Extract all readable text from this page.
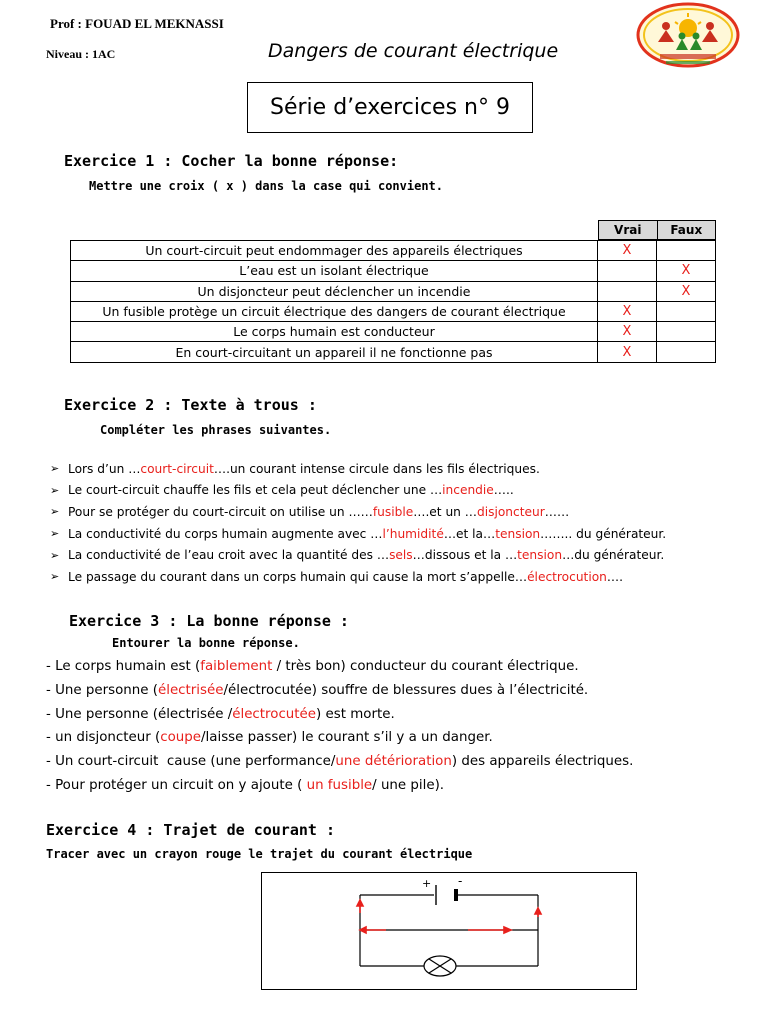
Prof : FOUAD EL MEKNASSI
Niveau : 1AC	Dangers de courant électrique
Série d’exercices n° 9
Exercice 1 : Cocher la bonne réponse:
Mettre une croix ( x ) dans la case qui convient.
Vrai	Faux
Un court-circuit peut endommager des appareils électriques	X	
L’eau est un isolant électrique		X
Un disjoncteur peut déclencher un incendie		X
Un fusible protège un circuit électrique des dangers de courant électrique	X	
Le corps humain est conducteur	X	
En court-circuitant un appareil il ne fonctionne pas	X	
Exercice 2 : Texte à trous :
Compléter les phrases suivantes.
➢ Lors d’un …court-circuit….un courant intense circule dans les fils électriques.
➢ Le court-circuit chauffe les fils et cela peut déclencher une …incendie…..
➢ Pour se protéger du court-circuit on utilise un ……fusible….et un …disjoncteur……
➢ La conductivité du corps humain augmente avec …l’humidité…et la…tension…….. du générateur.
➢ La conductivité de l’eau croit avec la quantité des …sels…dissous et la …tension…du générateur.
➢ Le passage du courant dans un corps humain qui cause la mort s’appelle…électrocution….
Exercice 3 : La bonne réponse :
Entourer la bonne réponse.
- Le corps humain est (faiblement / très bon) conducteur du courant électrique.
- Une personne (électrisée/électrocutée) souffre de blessures dues à l’électricité.
- Une personne (électrisée /électrocutée) est morte.
- un disjoncteur (coupe/laisse passer) le courant s’il y a un danger.
- Un court-circuit  cause (une performance/une détérioration) des appareils électriques.
- Pour protéger un circuit on y ajoute ( un fusible/ une pile).
Exercice 4 : Trajet de courant :
Tracer avec un crayon rouge le trajet du courant électrique
+ -
